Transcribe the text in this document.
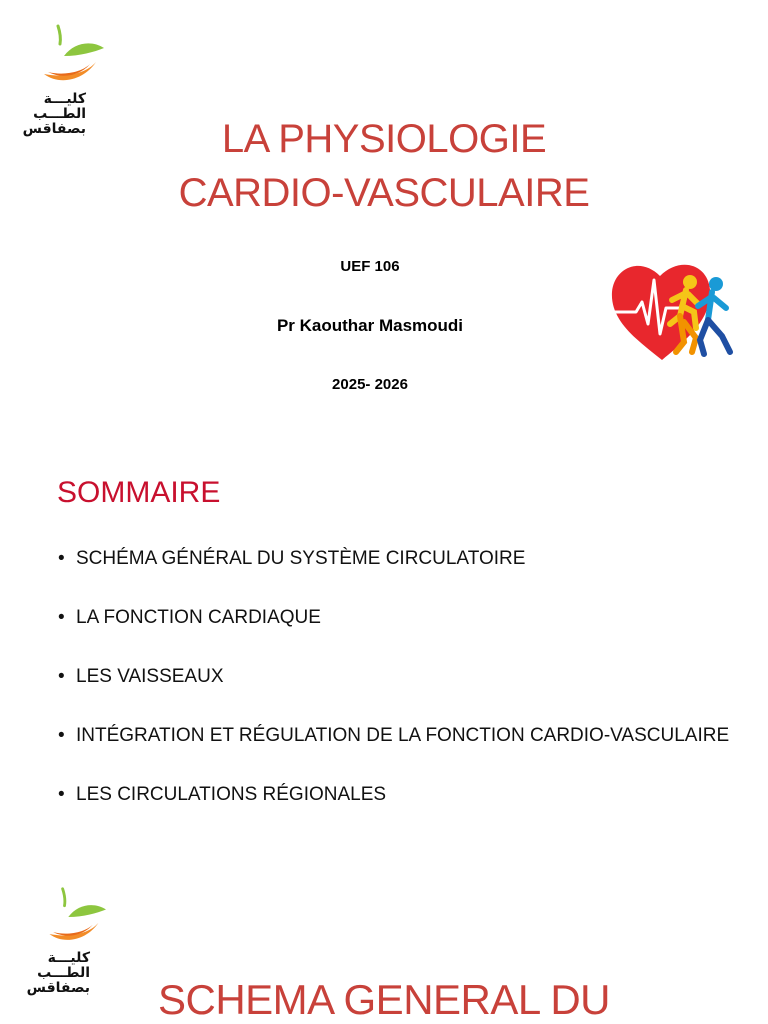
كليـــة
الطـــب
بصفاقس	LA PHYSIOLOGIE
CARDIO-VASCULAIRE
UEF 106
Pr Kaouthar Masmoudi
2025- 2026
SOMMAIRE
• SCHÉMA GÉNÉRAL DU SYSTÈME CIRCULATOIRE
• LA FONCTION CARDIAQUE
• LES VAISSEAUX
• INTÉGRATION ET RÉGULATION DE LA FONCTION CARDIO-VASCULAIRE
• LES CIRCULATIONS RÉGIONALES
كليـــة
الطـــب
بصفاقس	SCHEMA GENERAL DU
